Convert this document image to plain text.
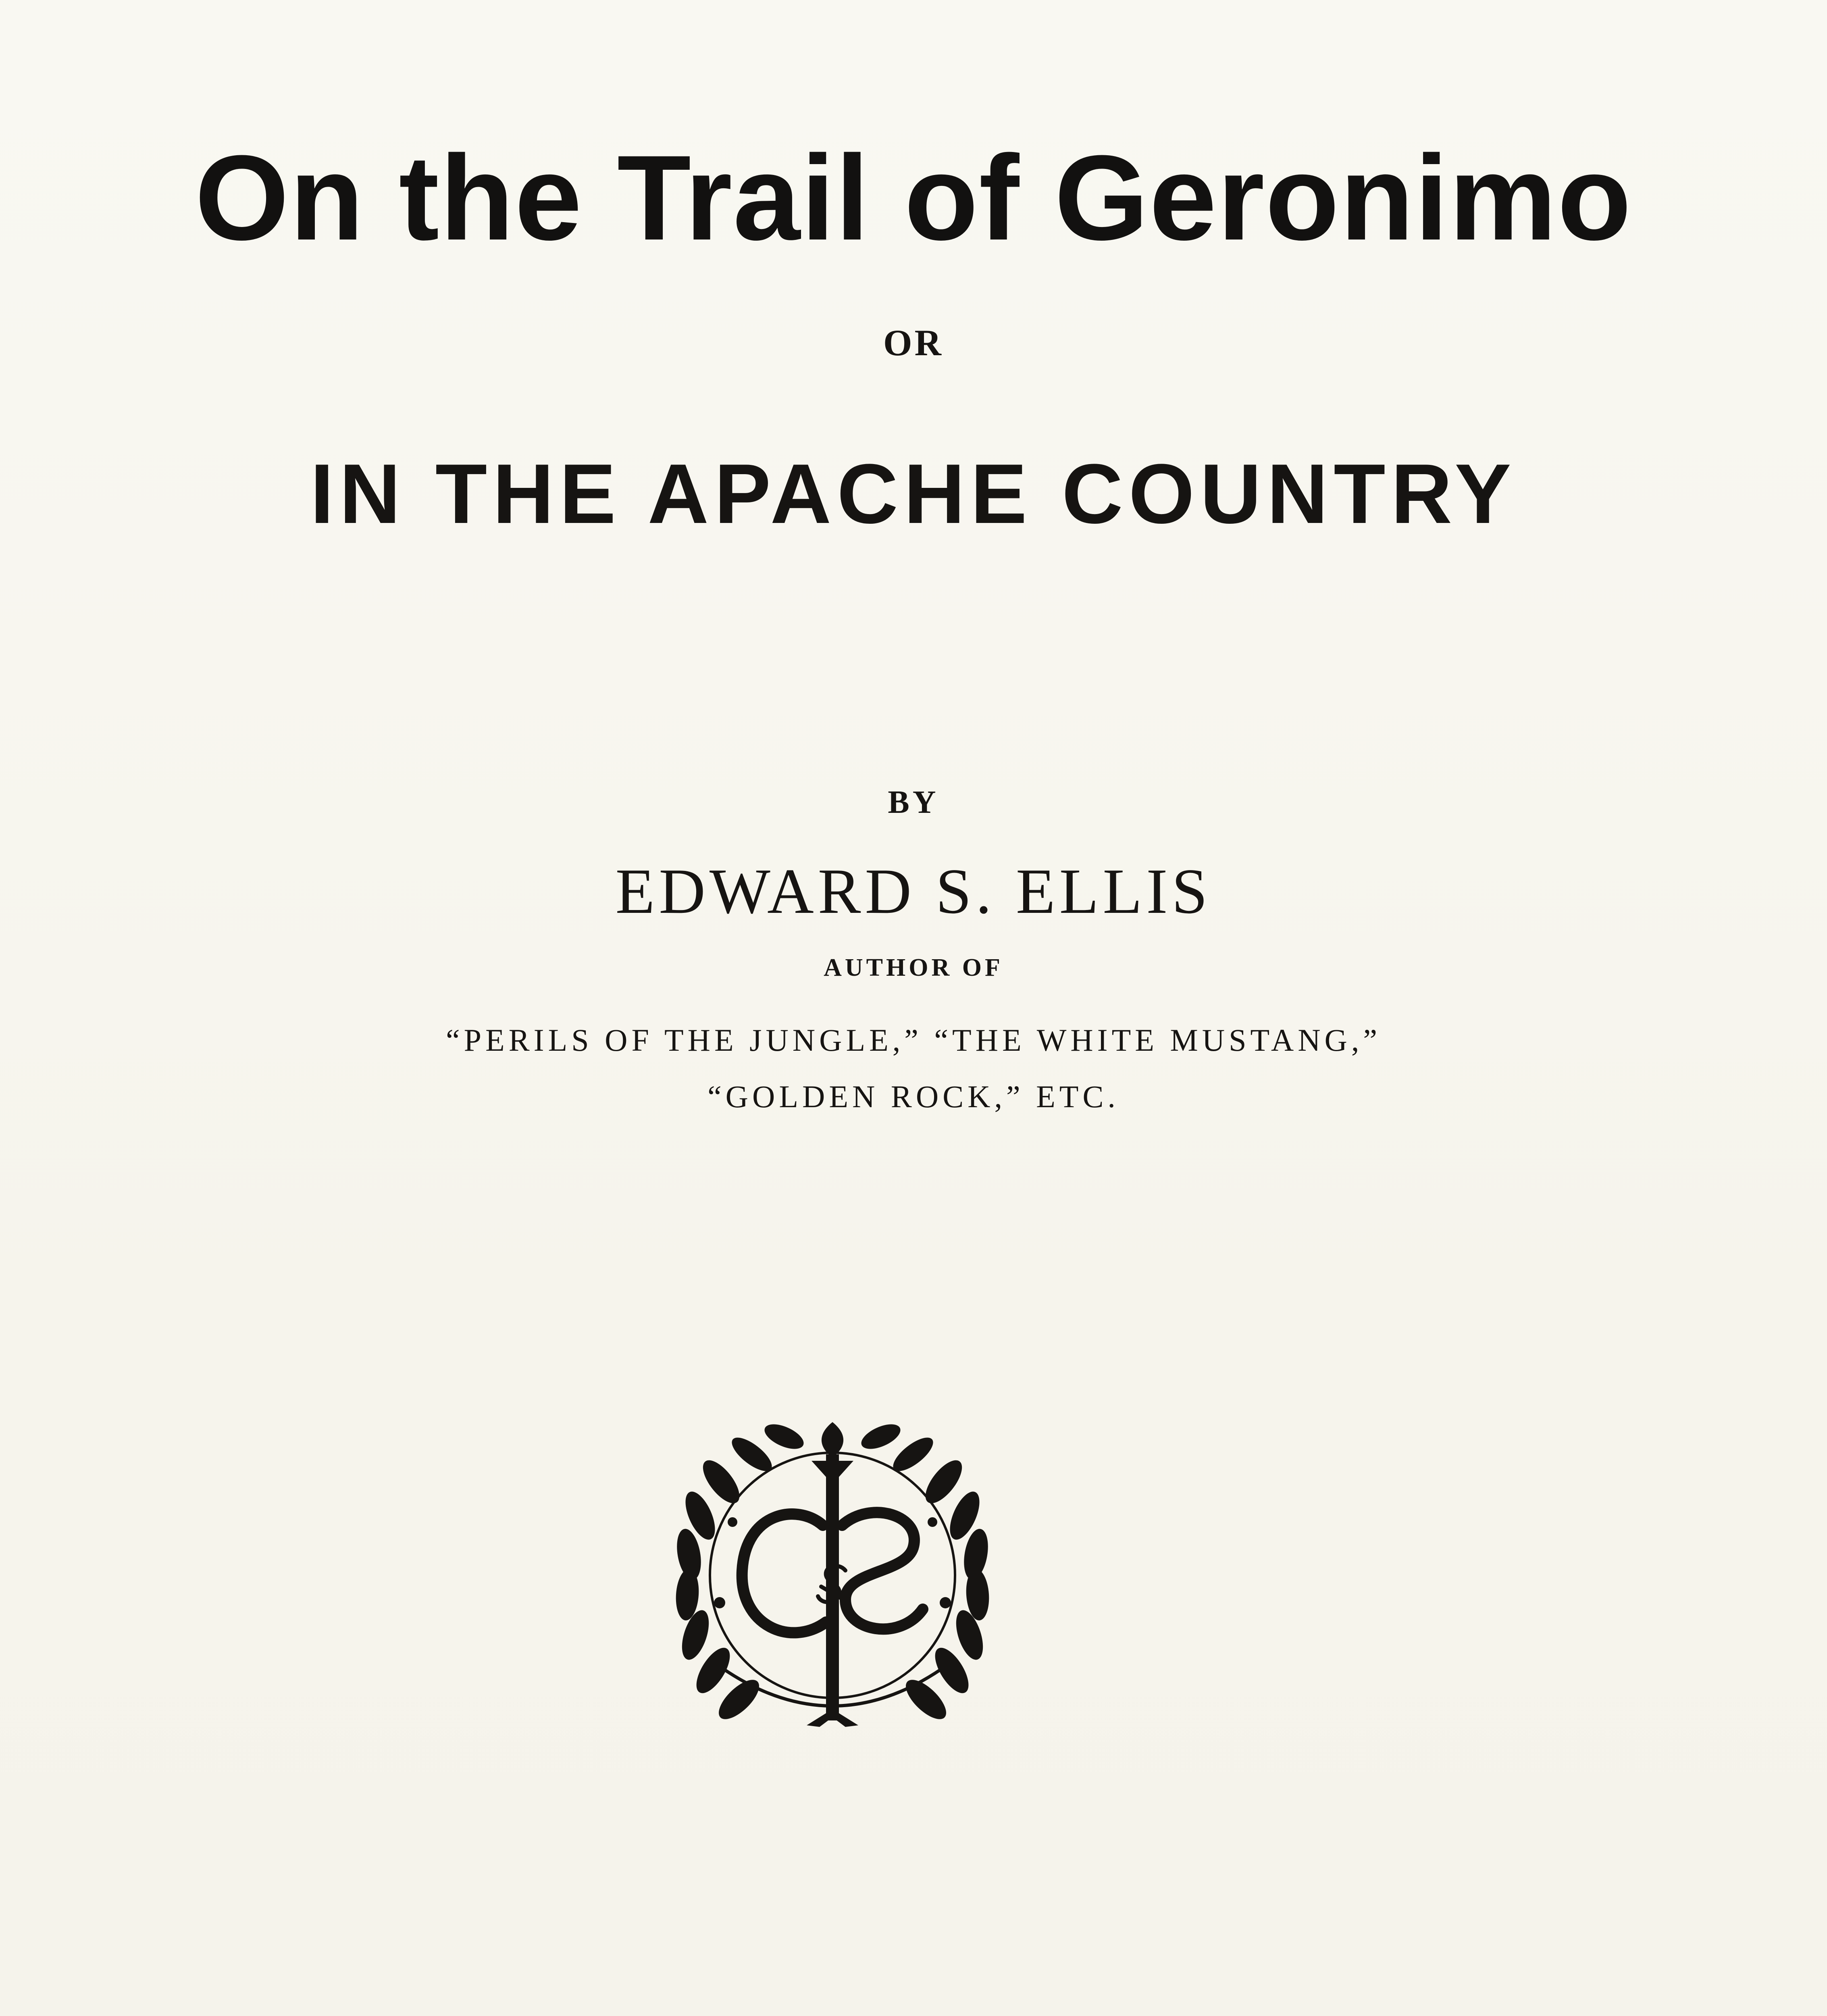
On the Trail of Geronimo
OR
IN THE APACHE COUNTRY
BY
EDWARD S. ELLIS
AUTHOR OF
“PERILS OF THE JUNGLE,” “THE WHITE MUSTANG,”
“GOLDEN ROCK,” ETC.
